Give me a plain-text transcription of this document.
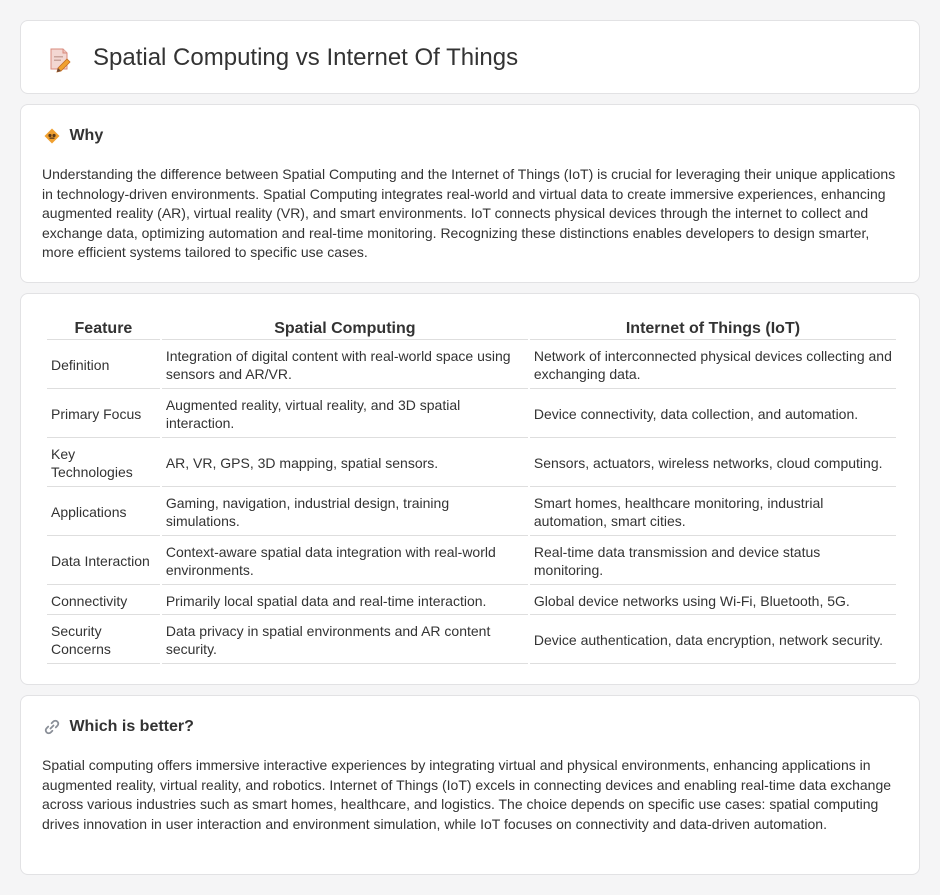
Spatial Computing vs Internet Of Things
Why

Understanding the difference between Spatial Computing and the Internet of Things (IoT) is crucial for leveraging their unique applications in technology-driven environments. Spatial Computing integrates real-world and virtual data to create immersive experiences, enhancing augmented reality (AR), virtual reality (VR), and smart environments. IoT connects physical devices through the internet to collect and exchange data, optimizing automation and real-time monitoring. Recognizing these distinctions enables developers to design smarter, more efficient systems tailored to specific use cases.

Feature	Spatial Computing	Internet of Things (IoT)
Definition	Integration of digital content with real-world space using sensors and AR/VR.	Network of interconnected physical devices collecting and exchanging data.
Primary Focus	Augmented reality, virtual reality, and 3D spatial interaction.	Device connectivity, data collection, and automation.
Key Technologies	AR, VR, GPS, 3D mapping, spatial sensors.	Sensors, actuators, wireless networks, cloud computing.
Applications	Gaming, navigation, industrial design, training simulations.	Smart homes, healthcare monitoring, industrial automation, smart cities.
Data Interaction	Context-aware spatial data integration with real-world environments.	Real-time data transmission and device status monitoring.
Connectivity	Primarily local spatial data and real-time interaction.	Global device networks using Wi-Fi, Bluetooth, 5G.
Security Concerns	Data privacy in spatial environments and AR content security.	Device authentication, data encryption, network security.
Which is better?

Spatial computing offers immersive interactive experiences by integrating virtual and physical environments, enhancing applications in augmented reality, virtual reality, and robotics. Internet of Things (IoT) excels in connecting devices and enabling real-time data exchange across various industries such as smart homes, healthcare, and logistics. The choice depends on specific use cases: spatial computing drives innovation in user interaction and environment simulation, while IoT focuses on connectivity and data-driven automation.
